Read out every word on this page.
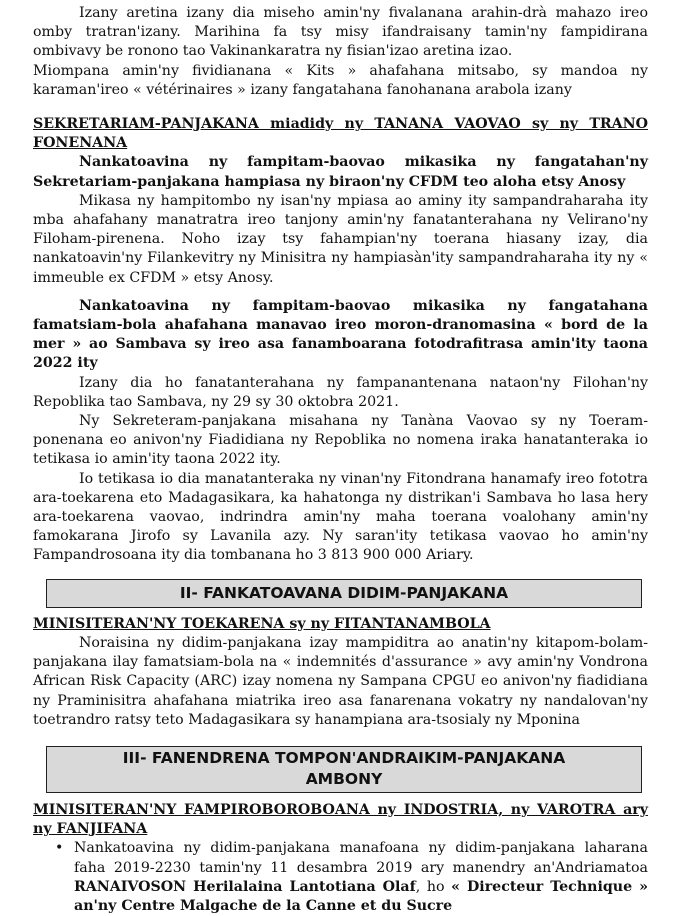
Izany aretina izany dia miseho amin'ny fivalanana arahin-drà mahazo ireo omby tratran'izany. Marihina fa tsy misy ifandraisany tamin'ny fampidirana ombivavy be ronono tao Vakinankaratra ny fisian'izao aretina izao.

Miompana amin'ny fividianana « Kits » ahafahana mitsabo, sy mandoa ny karaman'ireo « vétérinaires » izany fangatahana fanohanana arabola izany

SEKRETARIAM-PANJAKANA miadidy ny TANANA VAOVAO sy ny TRANO FONENANA

Nankatoavina ny fampitam-baovao mikasika ny fangatahan'ny Sekretariam-panjakana hampiasa ny biraon'ny CFDM teo aloha etsy Anosy

Mikasa ny hampitombo ny isan'ny mpiasa ao aminy ity sampandraharaha ity mba ahafahany manatratra ireo tanjony amin'ny fanatanterahana ny Velirano'ny Filoham-pirenena. Noho izay tsy fahampian'ny toerana hiasany izay, dia nankatoavin'ny Filankevitry ny Minisitra ny hampiasàn'ity sampandraharaha ity ny « immeuble ex CFDM » etsy Anosy.

Nankatoavina ny fampitam-baovao mikasika ny fangatahana famatsiam-bola ahafahana manavao ireo moron-dranomasina « bord de la mer » ao Sambava sy ireo asa fanamboarana fotodrafitrasa amin'ity taona 2022 ity

Izany dia ho fanatanterahana ny fampanantenana nataon'ny Filohan'ny Repoblika tao Sambava, ny 29 sy 30 oktobra 2021.

Ny Sekreteram-panjakana misahana ny Tanàna Vaovao sy ny Toeram-ponenana eo anivon'ny Fiadidiana ny Repoblika no nomena iraka hanatanteraka io tetikasa io amin'ity taona 2022 ity.

Io tetikasa io dia manatanteraka ny vinan'ny Fitondrana hanamafy ireo fototra ara-toekarena eto Madagasikara, ka hahatonga ny distrikan'i Sambava ho lasa hery ara-toekarena vaovao, indrindra amin'ny maha toerana voalohany amin'ny famokarana Jirofo sy Lavanila azy. Ny saran'ity tetikasa vaovao ho amin'ny Fampandrosoana ity dia tombanana ho 3 813 900 000 Ariary.

II- FANKATOAVANA DIDIM-PANJAKANA

MINISITERAN'NY TOEKARENA sy ny FITANTANAMBOLA

Noraisina ny didim-panjakana izay mampiditra ao anatin'ny kitapom-bolam-panjakana ilay famatsiam-bola na « indemnités d'assurance » avy amin'ny Vondrona African Risk Capacity (ARC) izay nomena ny Sampana CPGU eo anivon'ny fiadidiana ny Praminisitra ahafahana miatrika ireo asa fanarenana vokatry ny nandalovan'ny toetrandro ratsy teto Madagasikara sy hanampiana ara-tsosialy ny Mponina

III- FANENDRENA TOMPON'ANDRAIKIM-PANJAKANA
AMBONY

MINISITERAN'NY FAMPIROBOROBOANA ny INDOSTRIA, ny VAROTRA ary ny FANJIFANA

• Nankatoavina ny didim-panjakana manafoana ny didim-panjakana laharana faha 2019-2230 tamin'ny 11 desambra 2019 ary manendry an'Andriamatoa RANAIVOSON Herilalaina Lantotiana Olaf, ho « Directeur Technique » an'ny Centre Malgache de la Canne et du Sucre
